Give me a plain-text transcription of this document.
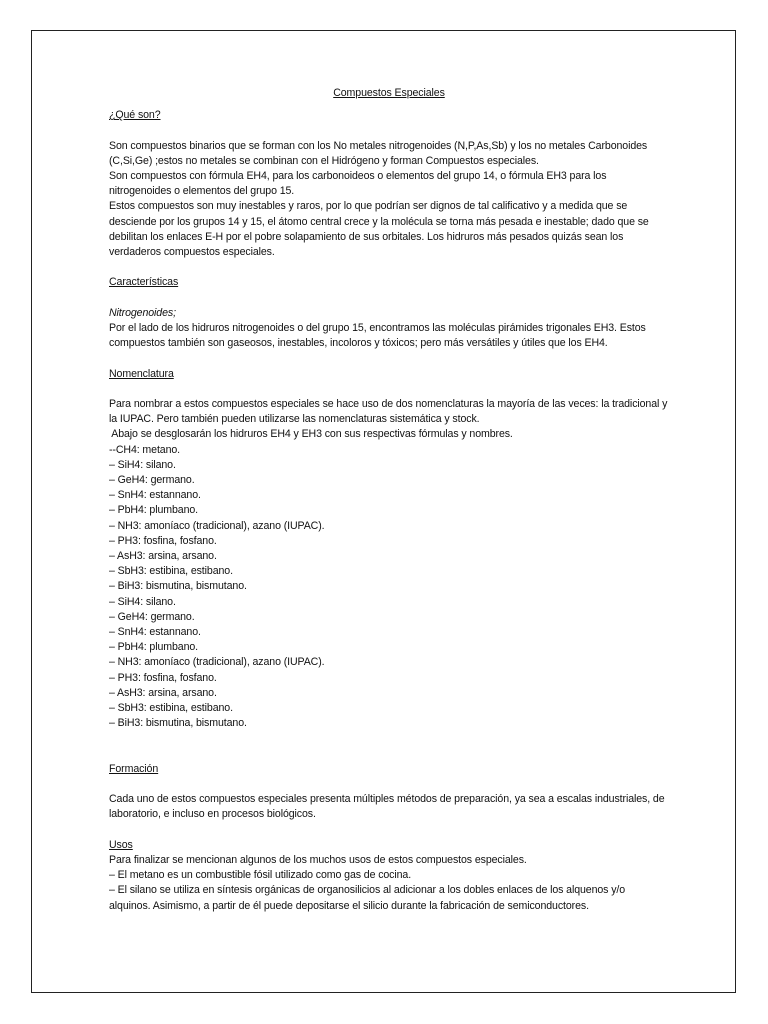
Compuestos Especiales

¿Qué son?

Son compuestos binarios que se forman con los No metales nitrogenoides (N,P,As,Sb) y los no metales Carbonoides (C,Si,Ge) ;estos no metales se combinan con el Hidrógeno y forman Compuestos especiales.

Son compuestos con fórmula EH4, para los carbonoideos o elementos del grupo 14, o fórmula EH3 para los nitrogenoides o elementos del grupo 15.

Estos compuestos son muy inestables y raros, por lo que podrían ser dignos de tal calificativo y a medida que se desciende por los grupos 14 y 15, el átomo central crece y la molécula se torna más pesada e inestable; dado que se debilitan los enlaces E-H por el pobre solapamiento de sus orbitales. Los hidruros más pesados quizás sean los verdaderos compuestos especiales.

Características

Nitrogenoides;

Por el lado de los hidruros nitrogenoides o del grupo 15, encontramos las moléculas pirámides trigonales EH3. Estos compuestos también son gaseosos, inestables, incoloros y tóxicos; pero más versátiles y útiles que los EH4.

Nomenclatura

Para nombrar a estos compuestos especiales se hace uso de dos nomenclaturas la mayoría de las veces: la tradicional y la IUPAC. Pero también pueden utilizarse las nomenclaturas sistemática y stock.

Abajo se desglosarán los hidruros EH4 y EH3 con sus respectivas fórmulas y nombres.

--CH4: metano.
– SiH4: silano.
– GeH4: germano.
– SnH4: estannano.
– PbH4: plumbano.
– NH3: amoníaco (tradicional), azano (IUPAC).
– PH3: fosfina, fosfano.
– AsH3: arsina, arsano.
– SbH3: estibina, estibano.
– BiH3: bismutina, bismutano.
– SiH4: silano.
– GeH4: germano.
– SnH4: estannano.
– PbH4: plumbano.
– NH3: amoníaco (tradicional), azano (IUPAC).
– PH3: fosfina, fosfano.
– AsH3: arsina, arsano.
– SbH3: estibina, estibano.
– BiH3: bismutina, bismutano.

Formación

Cada uno de estos compuestos especiales presenta múltiples métodos de preparación, ya sea a escalas industriales, de laboratorio, e incluso en procesos biológicos.

Usos

Para finalizar se mencionan algunos de los muchos usos de estos compuestos especiales.

– El metano es un combustible fósil utilizado como gas de cocina.

– El silano se utiliza en síntesis orgánicas de organosilicios al adicionar a los dobles enlaces de los alquenos y/o alquinos. Asimismo, a partir de él puede depositarse el silicio durante la fabricación de semiconductores.
